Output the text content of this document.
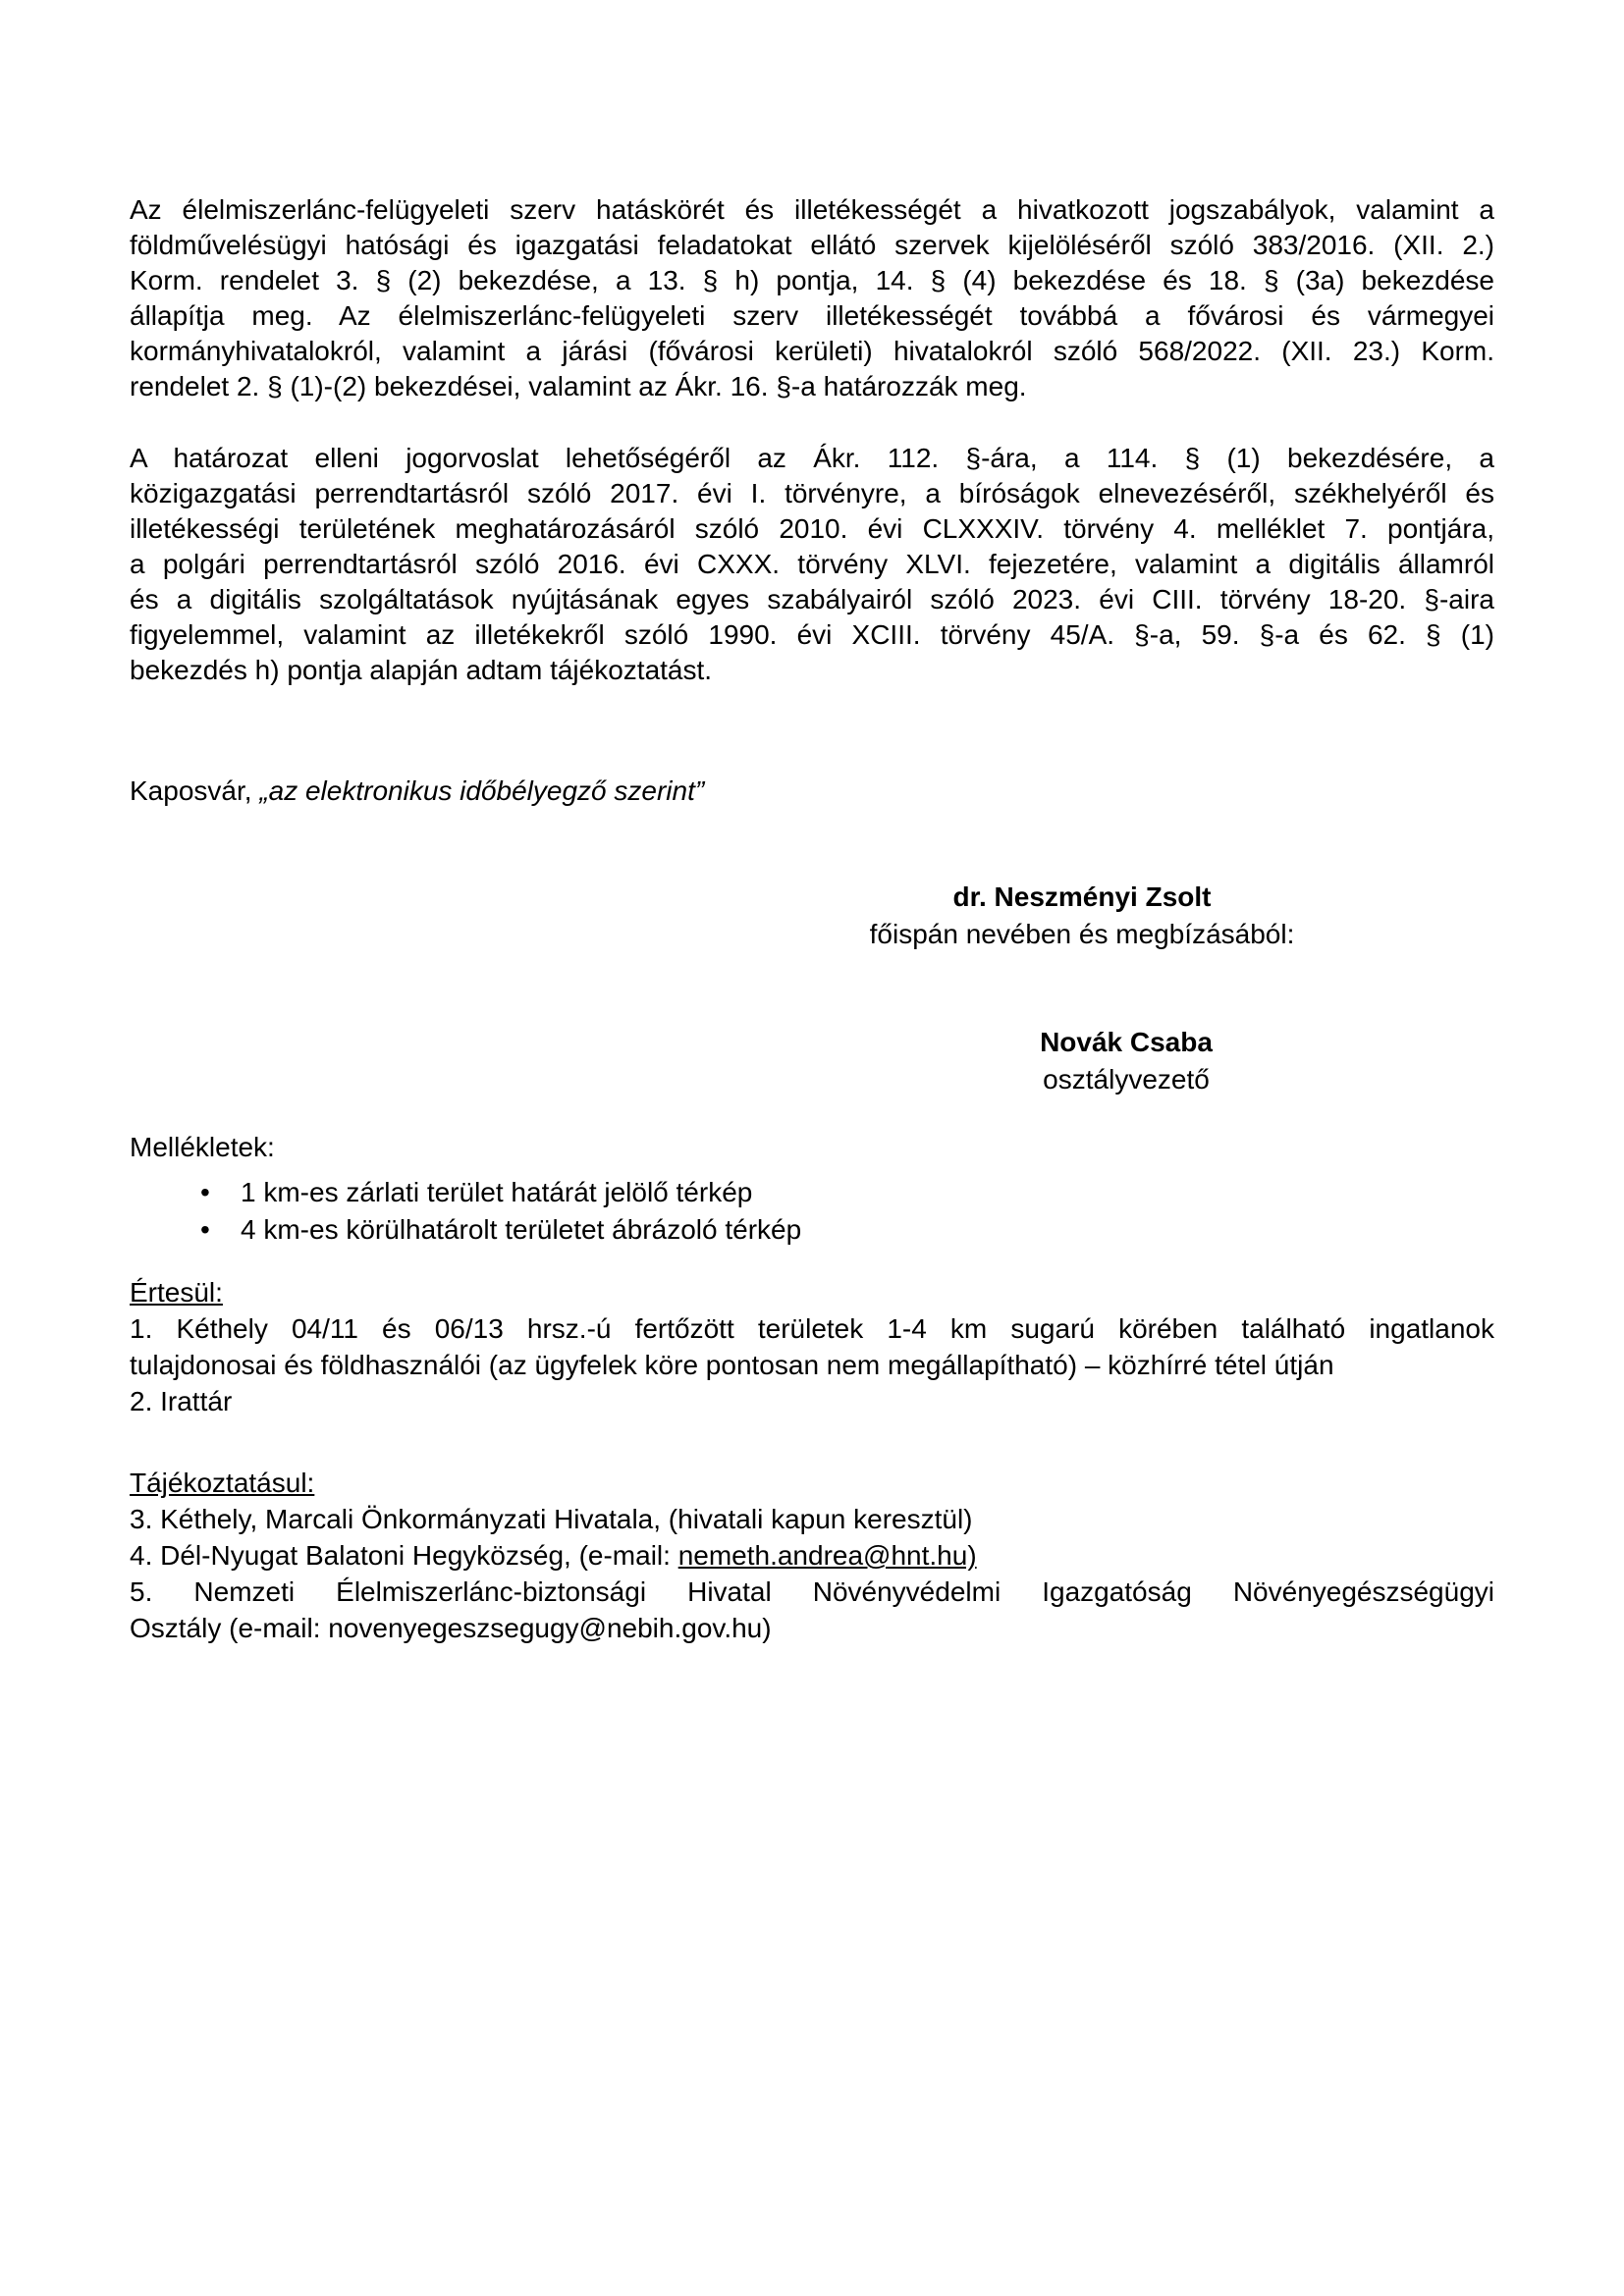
Az élelmiszerlánc-felügyeleti szerv hatáskörét és illetékességét a hivatkozott jogszabályok, valamint a
földművelésügyi hatósági és igazgatási feladatokat ellátó szervek kijelöléséről szóló 383/2016. (XII. 2.)
Korm. rendelet 3. § (2) bekezdése, a 13. § h) pontja, 14. § (4) bekezdése és 18. § (3a) bekezdése
állapítja meg. Az élelmiszerlánc-felügyeleti szerv illetékességét továbbá a fővárosi és vármegyei
kormányhivatalokról, valamint a járási (fővárosi kerületi) hivatalokról szóló 568/2022. (XII. 23.) Korm.
rendelet 2. § (1)-(2) bekezdései, valamint az Ákr. 16. §-a határozzák meg.
A határozat elleni jogorvoslat lehetőségéről az Ákr. 112. §-ára, a 114. § (1) bekezdésére, a
közigazgatási perrendtartásról szóló 2017. évi I. törvényre, a bíróságok elnevezéséről, székhelyéről és
illetékességi területének meghatározásáról szóló 2010. évi CLXXXIV. törvény 4. melléklet 7. pontjára,
a polgári perrendtartásról szóló 2016. évi CXXX. törvény XLVI. fejezetére, valamint a digitális államról
és a digitális szolgáltatások nyújtásának egyes szabályairól szóló 2023. évi CIII. törvény 18-20. §-aira
figyelemmel, valamint az illetékekről szóló 1990. évi XCIII. törvény 45/A. §-a, 59. §-a és 62. § (1)
bekezdés h) pontja alapján adtam tájékoztatást.
Kaposvár, „az elektronikus időbélyegző szerint”
dr. Neszményi Zsolt
főispán nevében és megbízásából:
Novák Csaba
osztályvezető
Mellékletek:
• 1 km-es zárlati terület határát jelölő térkép
• 4 km-es körülhatárolt területet ábrázoló térkép
Értesül:
1. Kéthely 04/11 és 06/13 hrsz.-ú fertőzött területek 1-4 km sugarú körében található ingatlanok
tulajdonosai és földhasználói (az ügyfelek köre pontosan nem megállapítható) – közhírré tétel útján
2. Irattár
Tájékoztatásul:
3. Kéthely, Marcali Önkormányzati Hivatala, (hivatali kapun keresztül)
4. Dél-Nyugat Balatoni Hegyközség, (e-mail: nemeth.andrea@hnt.hu)
5. Nemzeti Élelmiszerlánc-biztonsági Hivatal Növényvédelmi Igazgatóság Növényegészségügyi
Osztály (e-mail: novenyegeszsegugy@nebih.gov.hu)
